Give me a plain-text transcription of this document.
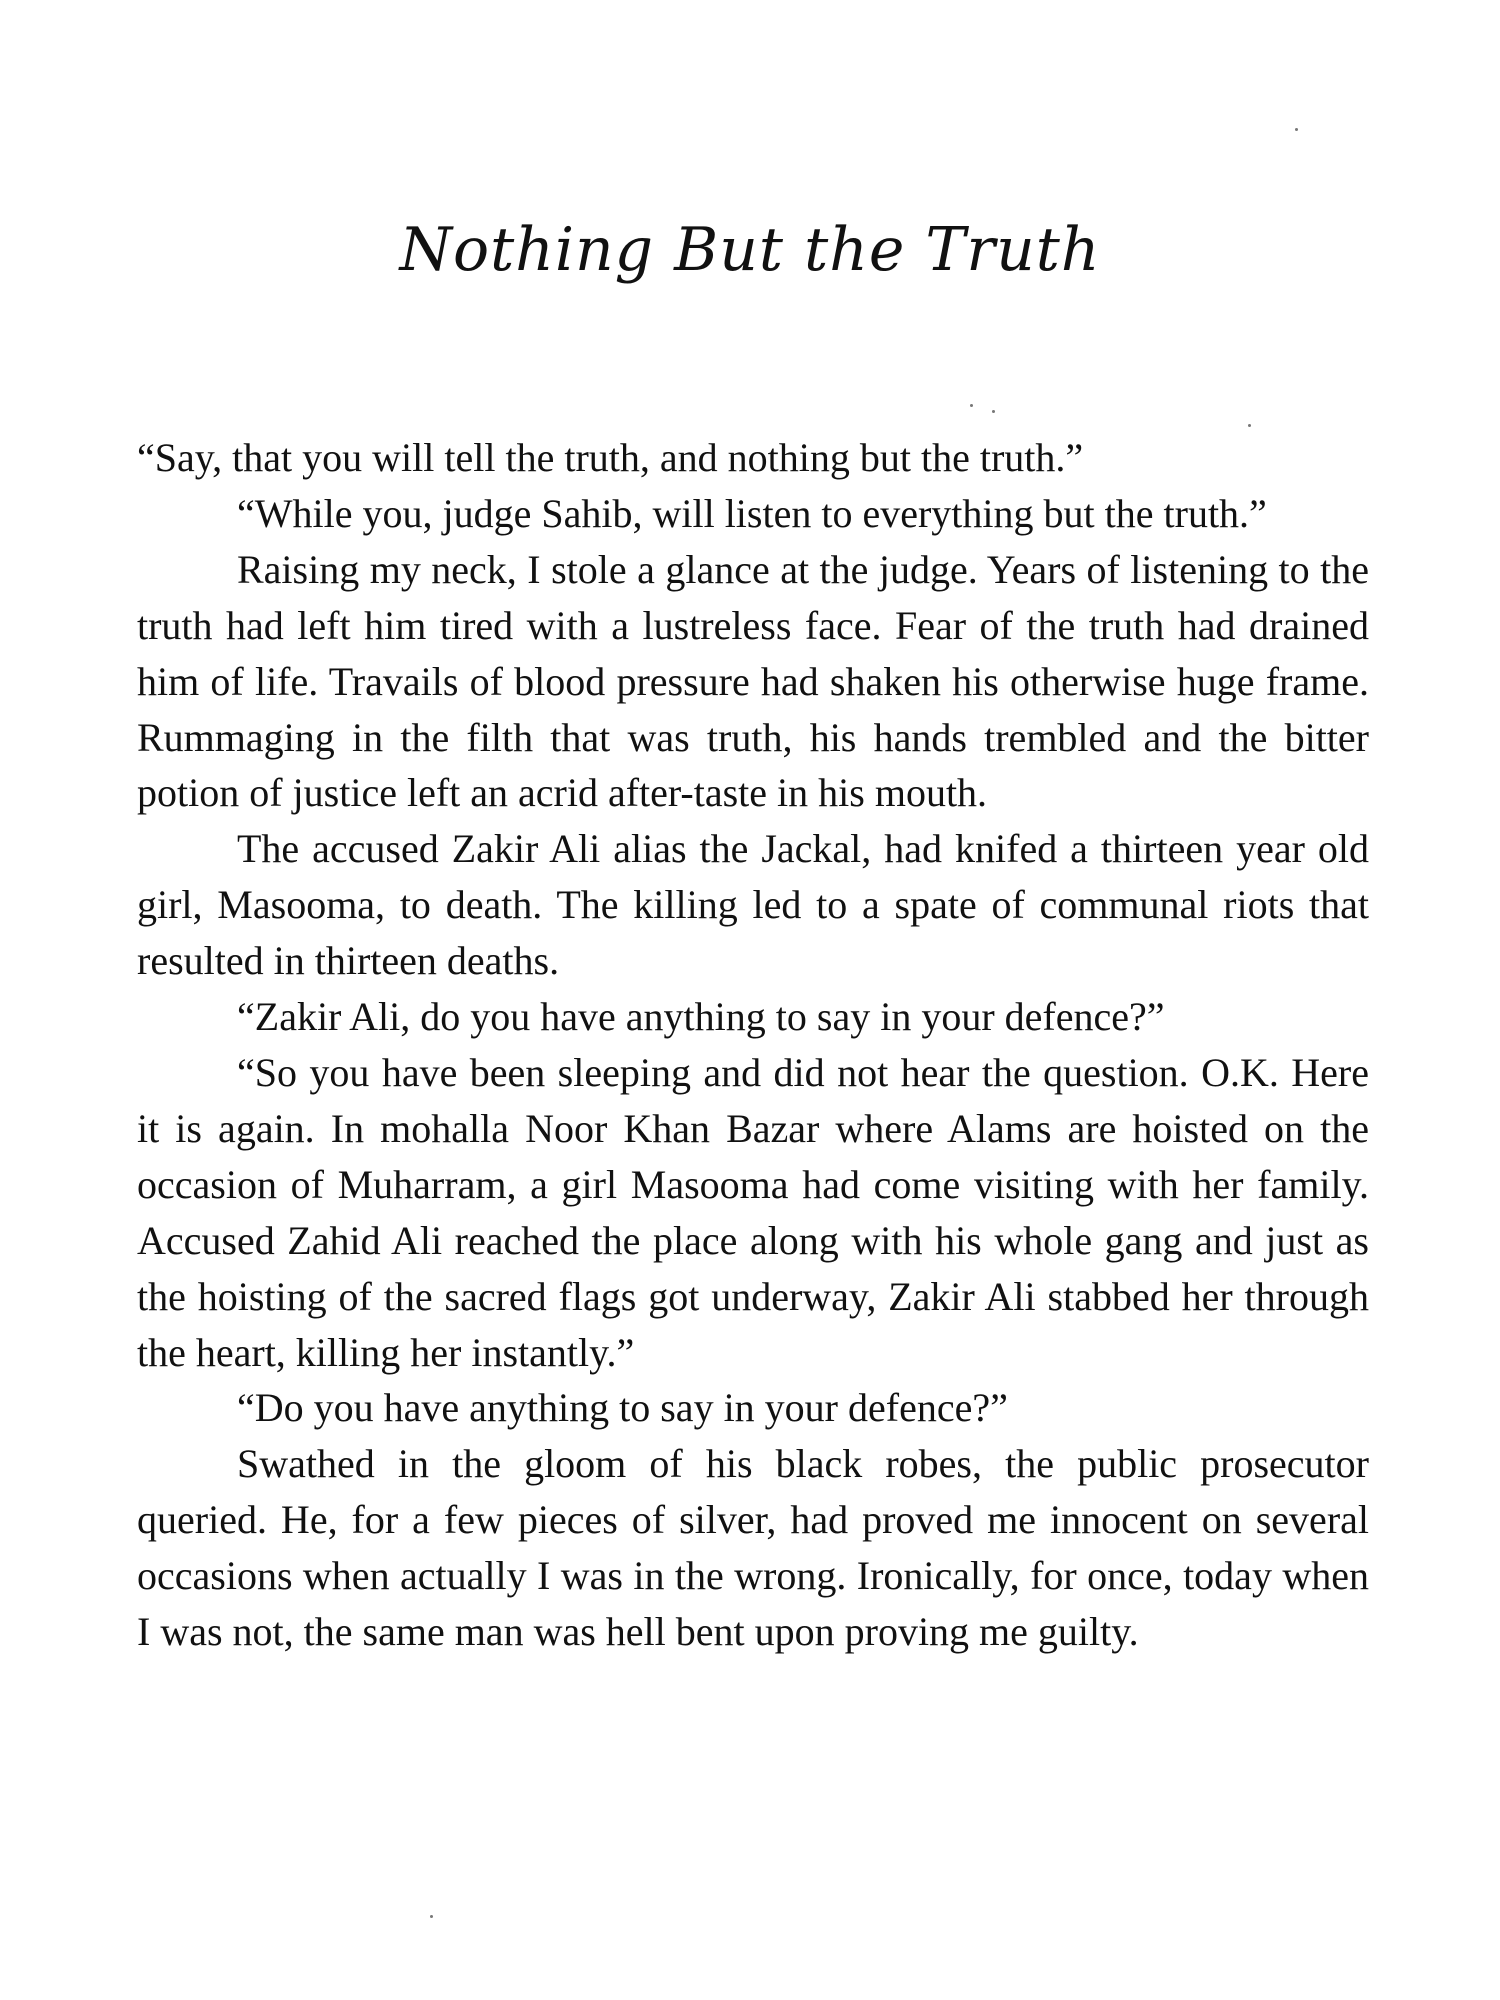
Nothing But the Truth

“Say, that you will tell the truth, and nothing but the truth.”

“While you, judge Sahib, will listen to everything but the truth.”

Raising my neck, I stole a glance at the judge. Years of listening to the truth had left him tired with a lustreless face. Fear of the truth had drained him of life. Travails of blood pressure had shaken his otherwise huge frame. Rummaging in the filth that was truth, his hands trembled and the bitter potion of justice left an acrid after-taste in his mouth.

The accused Zakir Ali alias the Jackal, had knifed a thirteen year old girl, Masooma, to death. The killing led to a spate of communal riots that resulted in thirteen deaths.

“Zakir Ali, do you have anything to say in your defence?”

“So you have been sleeping and did not hear the question. O.K. Here it is again. In mohalla Noor Khan Bazar where Alams are hoisted on the occasion of Muharram, a girl Masooma had come visiting with her family. Accused Zahid Ali reached the place along with his whole gang and just as the hoisting of the sacred flags got underway, Zakir Ali stabbed her through the heart, killing her instantly.”

“Do you have anything to say in your defence?”

Swathed in the gloom of his black robes, the public prosecutor queried. He, for a few pieces of silver, had proved me innocent on several occasions when actually I was in the wrong. Ironically, for once, today when I was not, the same man was hell bent upon proving me guilty.
